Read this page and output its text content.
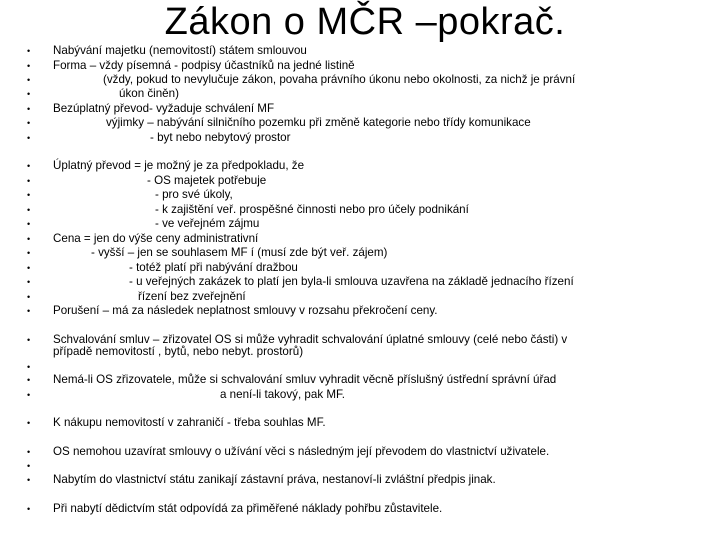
Zákon o MČR –pokrač.
•	Nabývání majetku (nemovitostí) státem smlouvou
•	Forma – vždy písemná - podpisy účastníků na jedné listině
•	(vždy, pokud to nevylučuje zákon, povaha právního úkonu nebo okolnosti, za nichž je právní
•	úkon činěn)
•	Bezúplatný převod- vyžaduje schválení MF
•	výjimky – nabývání silničního pozemku při změně kategorie nebo třídy komunikace
•	- byt nebo nebytový prostor
•	Úplatný převod = je možný je za předpokladu, že
•	- OS majetek potřebuje
•	- pro své úkoly,
•	- k zajištění veř. prospěšné činnosti nebo pro účely podnikání
•	- ve veřejném zájmu
•	Cena = jen do výše ceny administrativní
•	- vyšší – jen se souhlasem MF í (musí zde být veř. zájem)
•	- totéž platí při nabývání dražbou
•	- u veřejných zakázek to platí jen byla-li smlouva uzavřena na základě jednacího řízení
•	řízení bez zveřejnění
•	Porušení – má za následek neplatnost smlouvy v rozsahu překročení ceny.
•	Schvalování smluv – zřizovatel OS si může vyhradit schvalování úplatné smlouvy (celé nebo části) v
případě nemovitostí , bytů, nebo nebyt. prostorů)
•
•	Nemá-li OS zřizovatele, může si schvalování smluv vyhradit věcně příslušný ústřední správní úřad
•	a není-li takový, pak MF.
•	K nákupu nemovitostí v zahraničí - třeba souhlas MF.
•	OS nemohou uzavírat smlouvy o užívání věci s následným její převodem do vlastnictví uživatele.
•
•	Nabytím do vlastnictví státu zanikají zástavní práva, nestanoví-li zvláštní předpis jinak.
•	Při nabytí dědictvím stát odpovídá za přiměřené náklady pohřbu zůstavitele.
